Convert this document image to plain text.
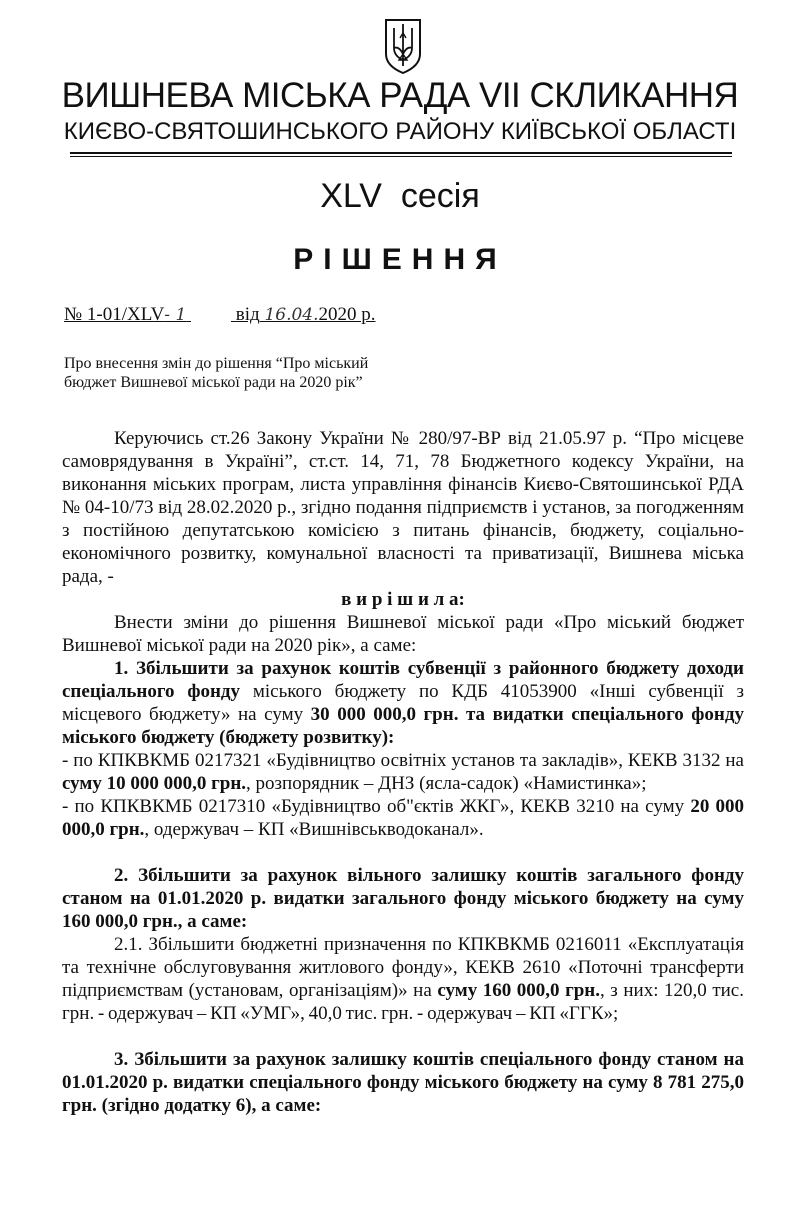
ВИШНЕВА МІСЬКА РАДА VII СКЛИКАННЯ
КИЄВО-СВЯТОШИНСЬКОГО РАЙОНУ КИЇВСЬКОЇ ОБЛАСТІ
XLV  сесія
РІШЕННЯ
№ 1-01/XLV- 1	від 16.04.2020 р.
Про внесення змін до рішення “Про міський бюджет Вишневої міської ради на 2020 рік”

Керуючись ст.26 Закону України № 280/97-ВР від 21.05.97 р. “Про місцеве самоврядування в Україні”, ст.ст. 14, 71, 78 Бюджетного кодексу України, на виконання міських програм, листа управління фінансів Києво-Святошинської РДА № 04-10/73 від 28.02.2020 р., згідно подання підприємств і установ, за погодженням з постійною депутатською комісією з питань фінансів, бюджету, соціально-економічного розвитку, комунальної власності та приватизації, Вишнева міська рада, -

в и р і ш и л а:

Внести зміни до рішення Вишневої міської ради «Про міський бюджет Вишневої міської ради на 2020 рік», а саме:

1. Збільшити за рахунок коштів субвенції з районного бюджету доходи спеціального фонду міського бюджету по КДБ 41053900 «Інші субвенції з місцевого бюджету» на суму 30 000 000,0 грн. та видатки спеціального фонду міського бюджету (бюджету розвитку):

- по КПКВКМБ 0217321 «Будівництво освітніх установ та закладів», КЕКВ 3132 на суму 10 000 000,0 грн., розпорядник – ДНЗ (ясла-садок) «Намистинка»;

- по КПКВКМБ 0217310 «Будівництво об"єктів ЖКГ», КЕКВ 3210 на суму 20 000 000,0 грн., одержувач – КП «Вишнівськводоканал».

2. Збільшити за рахунок вільного залишку коштів загального фонду станом на 01.01.2020 р. видатки загального фонду міського бюджету на суму 160 000,0 грн., а саме:

2.1. Збільшити бюджетні призначення по КПКВКМБ 0216011 «Експлуатація та технічне обслуговування житлового фонду», КЕКВ 2610 «Поточні трансферти підприємствам (установам, організаціям)» на суму 160 000,0 грн., з них: 120,0 тис. грн. - одержувач – КП «УМГ», 40,0 тис. грн. - одержувач – КП «ГГК»;

3. Збільшити за рахунок залишку коштів спеціального фонду станом на 01.01.2020 р. видатки спеціального фонду міського бюджету на суму 8 781 275,0 грн. (згідно додатку 6), а саме:
